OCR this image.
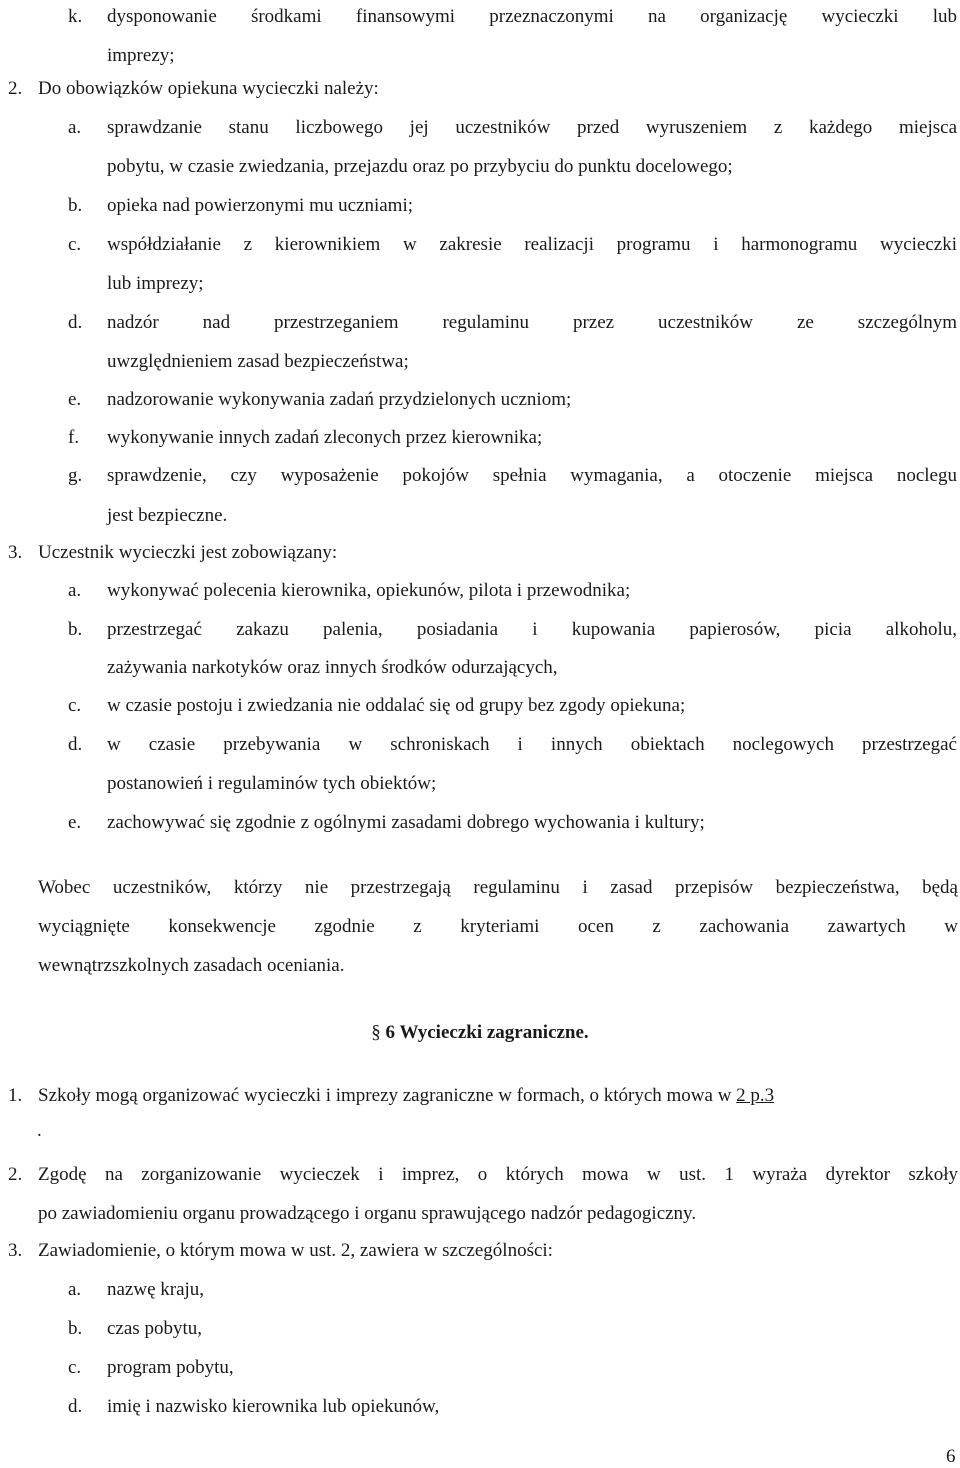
k. dysponowanie środkami finansowymi przeznaczonymi na organizację wycieczki lub
imprezy;
2. Do obowiązków opiekuna wycieczki należy:
a. sprawdzanie stanu liczbowego jej uczestników przed wyruszeniem z każdego miejsca
pobytu, w czasie zwiedzania, przejazdu oraz po przybyciu do punktu docelowego;
b. opieka nad powierzonymi mu uczniami;
c. współdziałanie z kierownikiem w zakresie realizacji programu i harmonogramu wycieczki
lub imprezy;
d. nadzór nad przestrzeganiem regulaminu przez uczestników ze szczególnym
uwzględnieniem zasad bezpieczeństwa;
e. nadzorowanie wykonywania zadań przydzielonych uczniom;
f. wykonywanie innych zadań zleconych przez kierownika;
g. sprawdzenie, czy wyposażenie pokojów spełnia wymagania, a otoczenie miejsca noclegu
jest bezpieczne.
3. Uczestnik wycieczki jest zobowiązany:
a. wykonywać polecenia kierownika, opiekunów, pilota i przewodnika;
b. przestrzegać zakazu palenia, posiadania i kupowania papierosów, picia alkoholu,
zażywania narkotyków oraz innych środków odurzających,
c. w czasie postoju i zwiedzania nie oddalać się od grupy bez zgody opiekuna;
d. w czasie przebywania w schroniskach i innych obiektach noclegowych przestrzegać
postanowień i regulaminów tych obiektów;
e. zachowywać się zgodnie z ogólnymi zasadami dobrego wychowania i kultury;
Wobec uczestników, którzy nie przestrzegają regulaminu i zasad przepisów bezpieczeństwa, będą
wyciągnięte konsekwencje zgodnie z kryteriami ocen z zachowania zawartych w
wewnątrzszkolnych zasadach oceniania.
§ 6 Wycieczki zagraniczne.
1. Szkoły mogą organizować wycieczki i imprezy zagraniczne w formach, o których mowa w 2 p.3
.
2. Zgodę na zorganizowanie wycieczek i imprez, o których mowa w ust. 1 wyraża dyrektor szkoły
po zawiadomieniu organu prowadzącego i organu sprawującego nadzór pedagogiczny.
3. Zawiadomienie, o którym mowa w ust. 2, zawiera w szczególności:
a. nazwę kraju,
b. czas pobytu,
c. program pobytu,
d. imię i nazwisko kierownika lub opiekunów,
6
